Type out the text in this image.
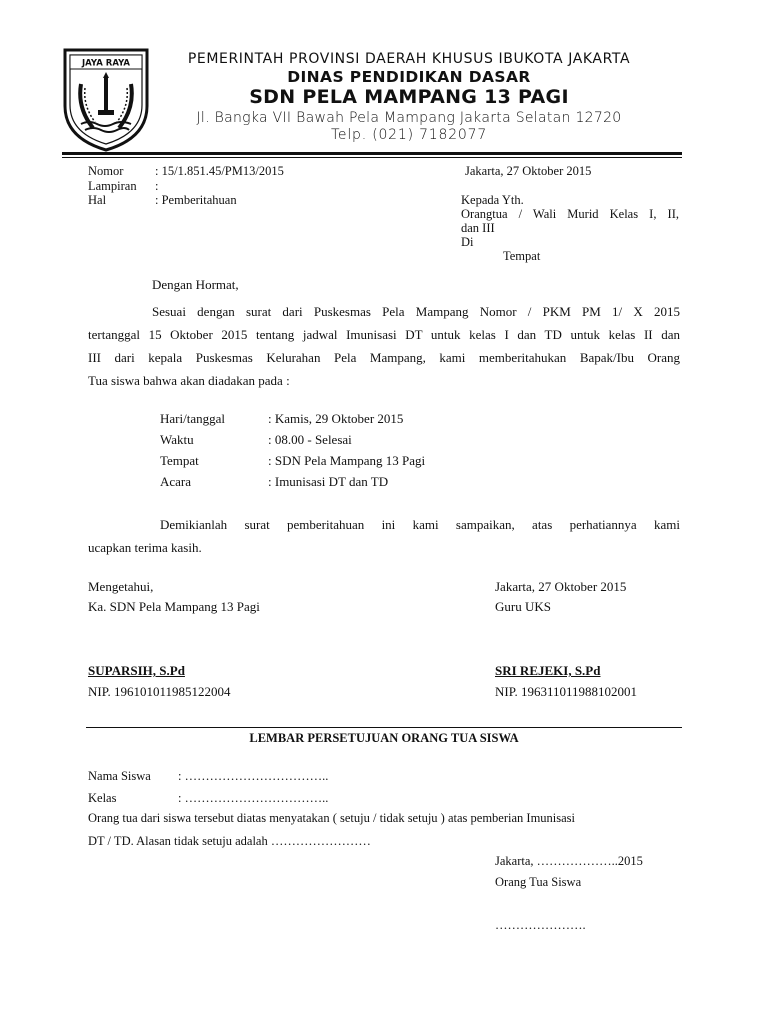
JAYA RAYA	PEMERINTAH PROVINSI DAERAH KHUSUS IBUKOTA JAKARTA
DINAS PENDIDIKAN DASAR
SDN PELA MAMPANG 13 PAGI
Jl. Bangka VII Bawah Pela Mampang Jakarta Selatan 12720
Telp. (021) 7182077
Nomor	: 15/1.851.45/PM13/2015
Lampiran :
Hal	: Pemberitahuan
Jakarta, 27 Oktober 2015
Kepada Yth.
Orangtua / Wali Murid Kelas I, II,
dan III
Di
Tempat
Dengan Hormat,
Sesuai dengan surat dari Puskesmas Pela Mampang Nomor / PKM PM 1/ X 2015
tertanggal 15 Oktober 2015 tentang jadwal Imunisasi DT untuk kelas I dan TD untuk kelas II dan
III dari kepala Puskesmas Kelurahan Pela Mampang, kami memberitahukan Bapak/Ibu Orang
Tua siswa bahwa akan diadakan pada :
Hari/tanggal	: Kamis, 29 Oktober 2015
Waktu	: 08.00 - Selesai
Tempat	: SDN Pela Mampang 13 Pagi
Acara	: Imunisasi DT dan TD
Demikianlah surat pemberitahuan ini kami sampaikan, atas perhatiannya kami
ucapkan terima kasih.
Mengetahui,
Ka. SDN Pela Mampang 13 Pagi
SUPARSIH, S.Pd
NIP. 196101011985122004
Jakarta, 27 Oktober 2015
Guru UKS
SRI REJEKI, S.Pd
NIP. 196311011988102001
LEMBAR PERSETUJUAN ORANG TUA SISWA
Nama Siswa : ……………………………..
Kelas	: ……………………………..
Orang tua dari siswa tersebut diatas menyatakan ( setuju / tidak setuju ) atas pemberian Imunisasi
DT / TD. Alasan tidak setuju adalah ……………………
Jakarta, ………………..2015
Orang Tua Siswa
………………….
